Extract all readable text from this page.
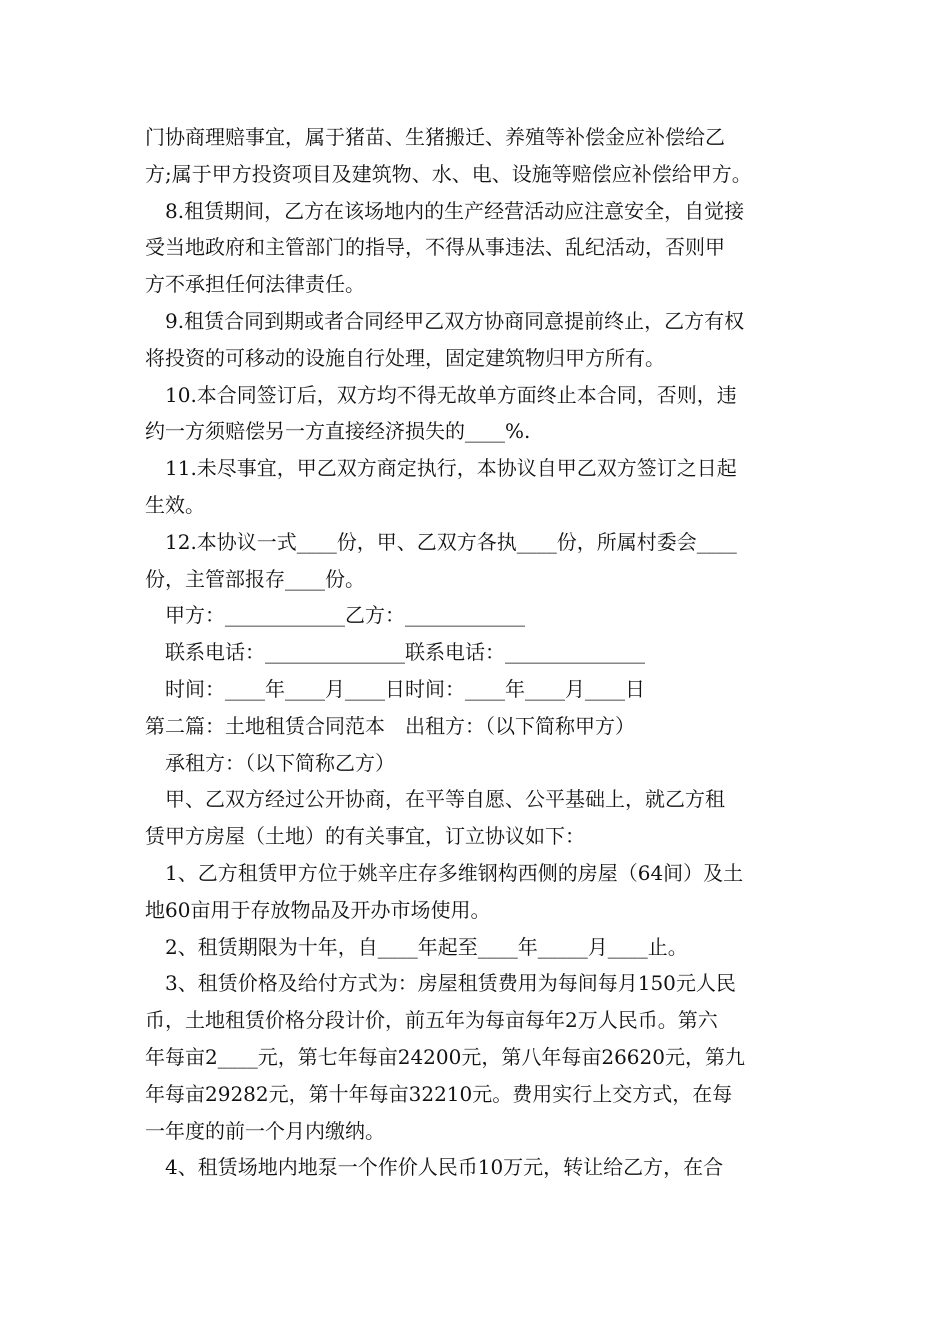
门协商理赔事宜，属于猪苗、生猪搬迁、养殖等补偿金应补偿给乙
方;属于甲方投资项目及建筑物、水、电、设施等赔偿应补偿给甲方。
8.租赁期间，乙方在该场地内的生产经营活动应注意安全，自觉接
受当地政府和主管部门的指导，不得从事违法、乱纪活动，否则甲
方不承担任何法律责任。
9.租赁合同到期或者合同经甲乙双方协商同意提前终止，乙方有权
将投资的可移动的设施自行处理，固定建筑物归甲方所有。
10.本合同签订后，双方均不得无故单方面终止本合同，否则，违
约一方须赔偿另一方直接经济损失的____%.
11.未尽事宜，甲乙双方商定执行，本协议自甲乙双方签订之日起
生效。
12.本协议一式____份，甲、乙双方各执____份，所属村委会____
份，主管部报存____份。
甲方：____________乙方：____________
联系电话：______________联系电话：______________
时间：____年____月____日时间：____年____月____日
第二篇：土地租赁合同范本　出租方：（以下简称甲方）
承租方：（以下简称乙方）
甲、乙双方经过公开协商，在平等自愿、公平基础上，就乙方租
赁甲方房屋（土地）的有关事宜，订立协议如下：
1、乙方租赁甲方位于姚辛庄存多维钢构西侧的房屋（64间）及土
地60亩用于存放物品及开办市场使用。
2、租赁期限为十年，自____年起至____年_____月____止。
3、租赁价格及给付方式为：房屋租赁费用为每间每月150元人民
币，土地租赁价格分段计价，前五年为每亩每年2万人民币。第六
年每亩2____元，第七年每亩24200元，第八年每亩26620元，第九
年每亩29282元，第十年每亩32210元。费用实行上交方式，在每
一年度的前一个月内缴纳。
4、租赁场地内地泵一个作价人民币10万元，转让给乙方，在合
